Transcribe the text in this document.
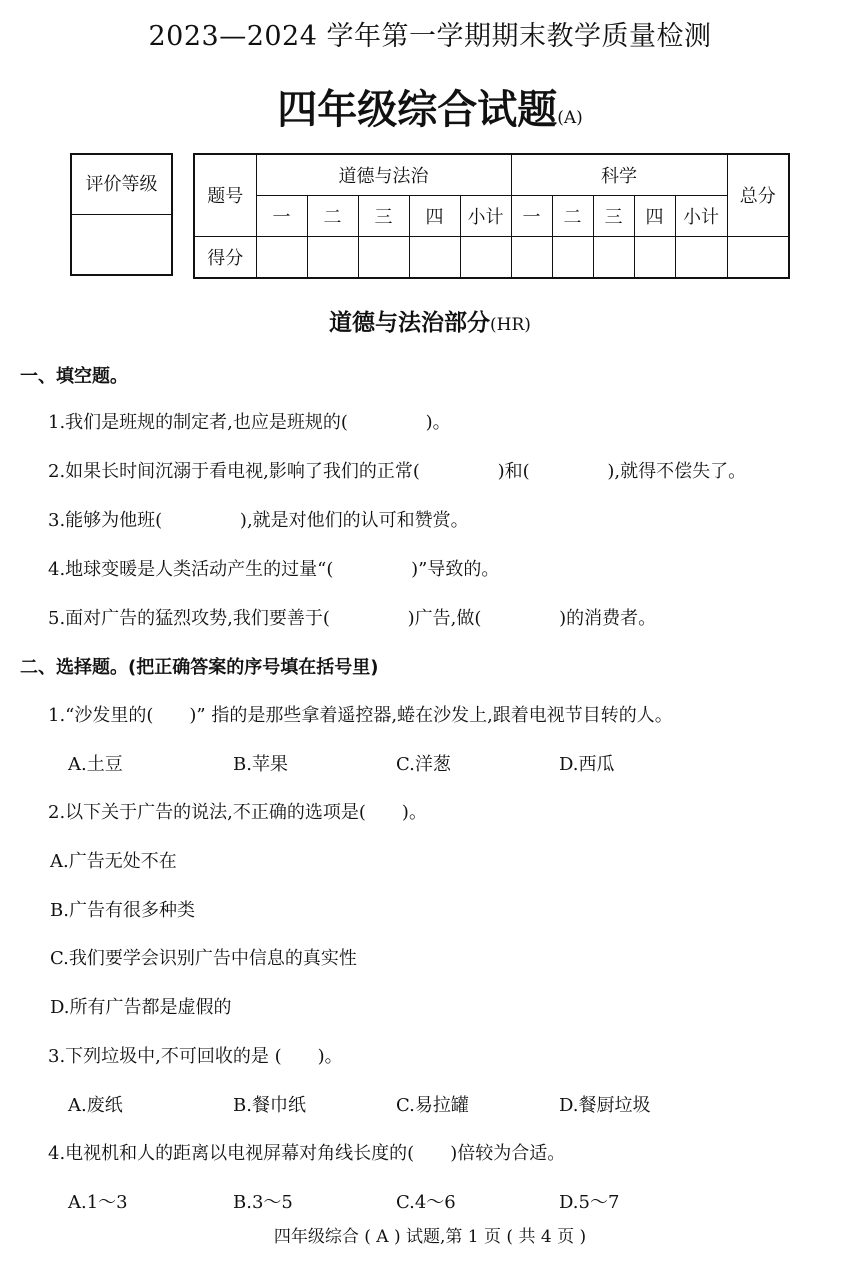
2023—2024 学年第一学期期末教学质量检测
四年级综合试题(A)
评价等级
题号	道德与法治					科学					总分
	一	二	三	四	小计	一	二	三	四	小计	
得分											
道德与法治部分(HR)
一、填空题。
1.我们是班规的制定者,也应是班规的(　　　　 )。
2.如果长时间沉溺于看电视,影响了我们的正常(　　　　 )和(　　　　 ),就得不偿失了。
3.能够为他班(　　　　 ),就是对他们的认可和赞赏。
4.地球变暖是人类活动产生的过量“(　　　　 )”导致的。
5.面对广告的猛烈攻势,我们要善于(　　　　 )广告,做(　　　　 )的消费者。
二、选择题。(把正确答案的序号填在括号里)
1.“沙发里的(　　)” 指的是那些拿着遥控器,蜷在沙发上,跟着电视节目转的人。
A.土豆	B.苹果	C.洋葱	D.西瓜
2.以下关于广告的说法,不正确的选项是(　　)。
A.广告无处不在
B.广告有很多种类
C.我们要学会识别广告中信息的真实性
D.所有广告都是虚假的
3.下列垃圾中,不可回收的是 (　　)。
A.废纸	B.餐巾纸	C.易拉罐	D.餐厨垃圾
4.电视机和人的距离以电视屏幕对角线长度的(　　)倍较为合适。
A.1～3	B.3～5	C.4～6	D.5～7
四年级综合 ( A ) 试题,第 1 页 ( 共 4 页 )
